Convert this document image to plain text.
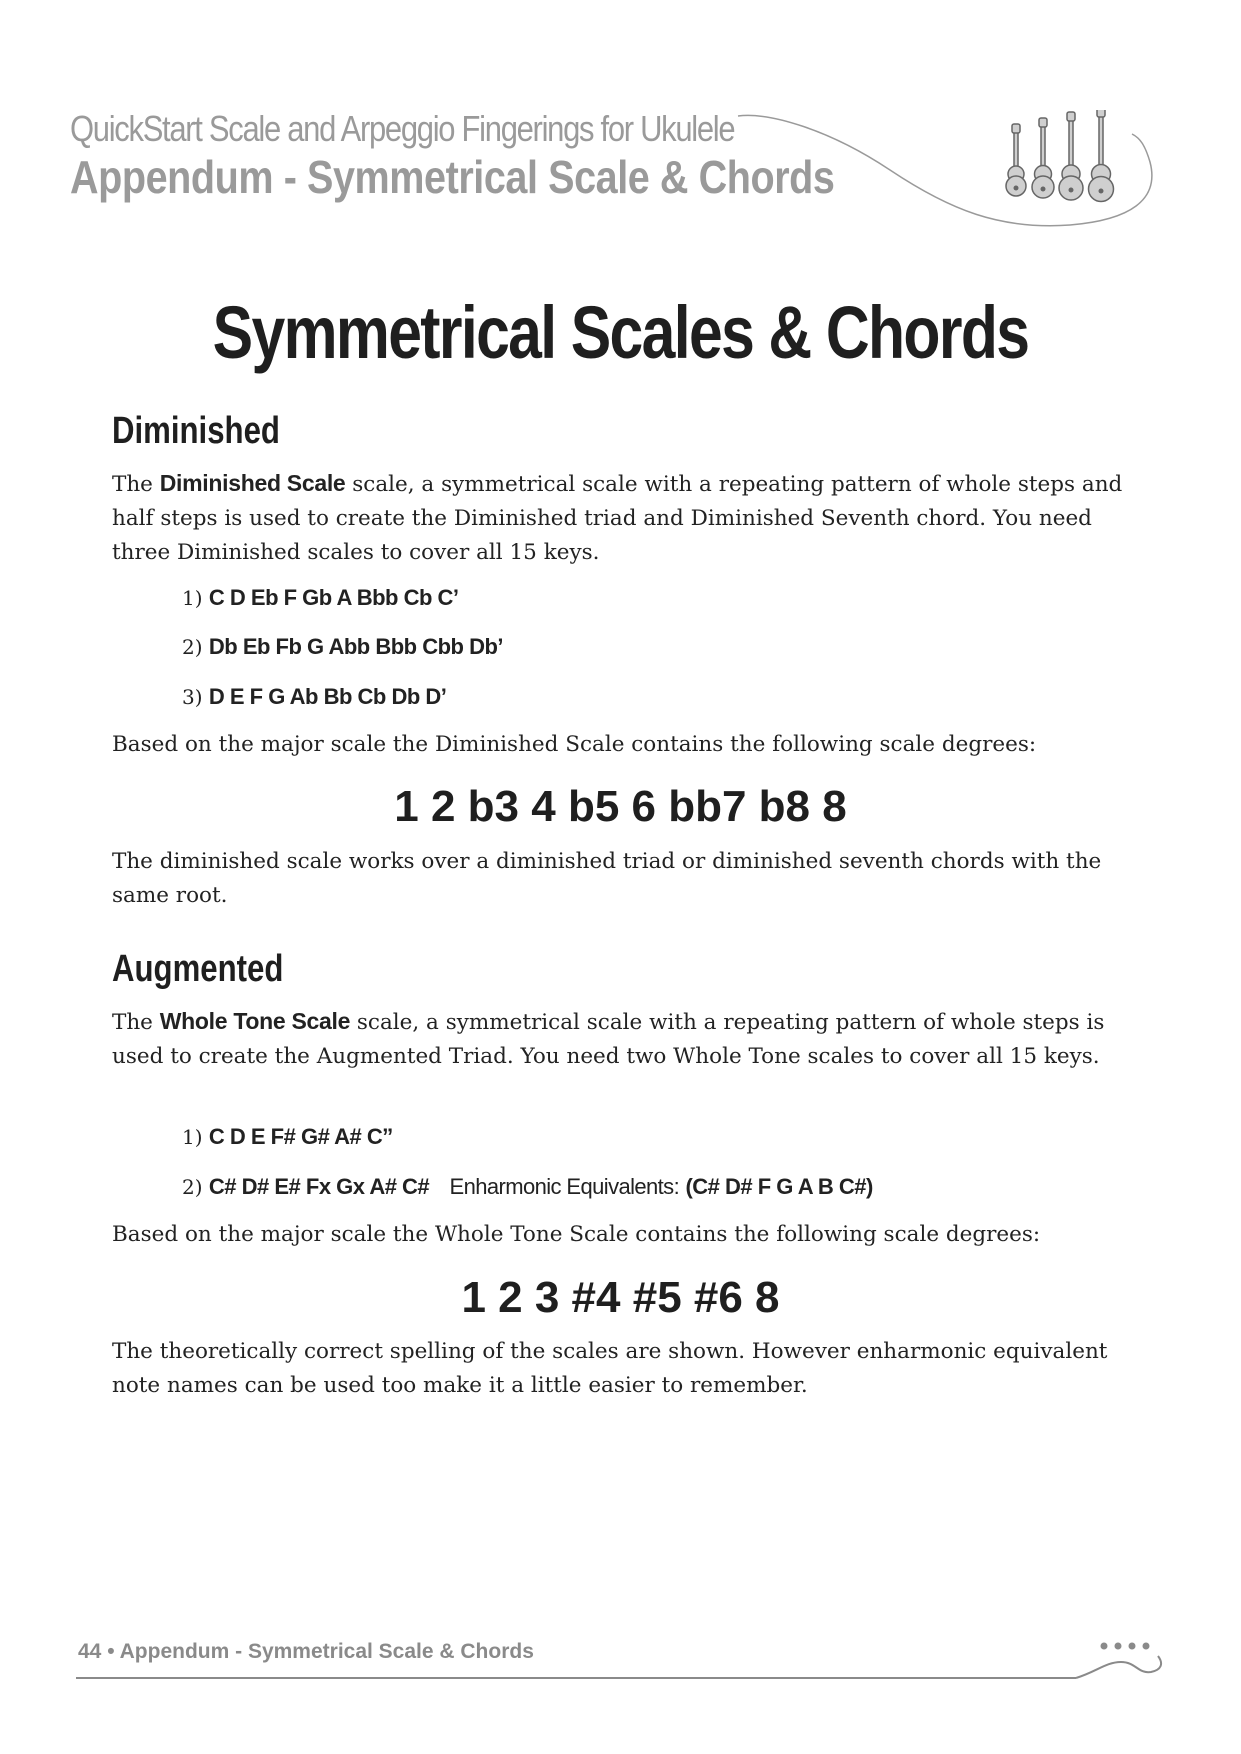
QuickStart Scale and Arpeggio Fingerings for Ukulele
Appendum - Symmetrical Scale & Chords
Symmetrical Scales & Chords
Diminished

The Diminished Scale scale, a symmetrical scale with a repeating pattern of whole steps and half steps is used to create the Diminished triad and Diminished Seventh chord. You need three Diminished scales to cover all 15 keys.

1) C D Eb F Gb A Bbb Cb C’
2) Db Eb Fb G Abb Bbb Cbb Db’
3) D E F G Ab Bb Cb Db D’

Based on the major scale the Diminished Scale contains the following scale degrees:

1 2 b3 4 b5 6 bb7 b8 8

The diminished scale works over a diminished triad or diminished seventh chords with the same root.

Augmented

The Whole Tone Scale scale, a symmetrical scale with a repeating pattern of whole steps is used to create the Augmented Triad. You need two Whole Tone scales to cover all 15 keys.

1) C D E F# G# A# C’’
2) C# D# E# Fx Gx A# C# Enharmonic Equivalents: (C# D# F G A B C#)

Based on the major scale the Whole Tone Scale contains the following scale degrees:

1 2 3 #4 #5 #6 8

The theoretically correct spelling of the scales are shown. However enharmonic equivalent note names can be used too make it a little easier to remember.

44 • Appendum - Symmetrical Scale & Chords
